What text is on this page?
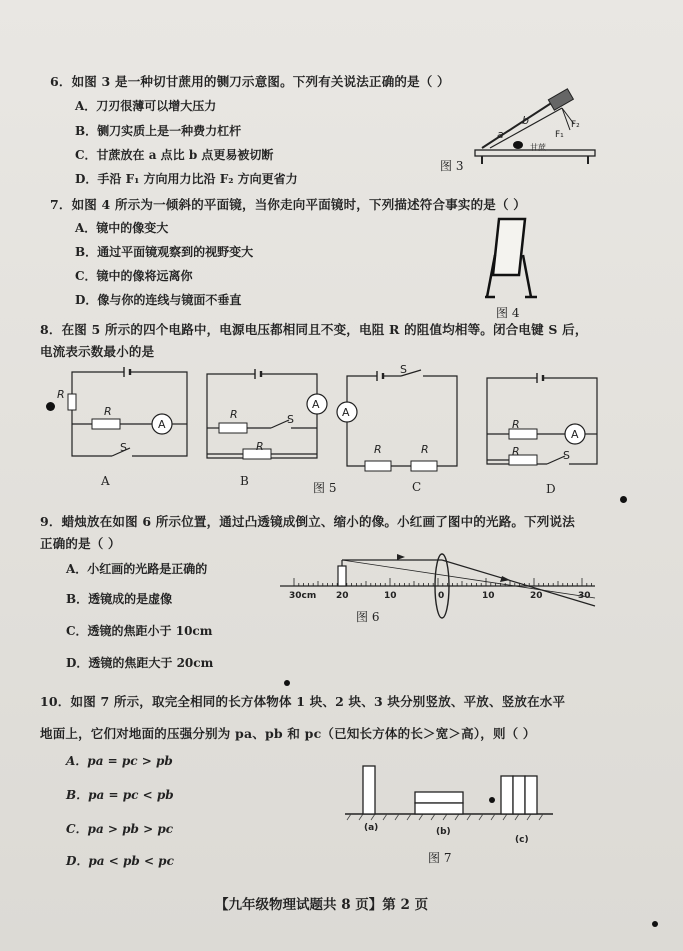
6．如图 3 是一种切甘蔗用的铡刀示意图。下列有关说法正确的是（ ）
A．刀刃很薄可以增大压力
B．铡刀实质上是一种费力杠杆
C．甘蔗放在 a 点比 b 点更易被切断
D．手沿 F₁ 方向用力比沿 F₂ 方向更省力
a
b
F₁
F₂
甘蔗
图 3
7．如图 4 所示为一倾斜的平面镜，当你走向平面镜时，下列描述符合事实的是（ ）
A．镜中的像变大
B．通过平面镜观察到的视野变大
C．镜中的像将远离你
D．像与你的连线与镜面不垂直
图 4
8．在图 5 所示的四个电路中，电源电压都相同且不变，电阻 R 的阻值均相等。闭合电键 S 后，
电流表示数最小的是
R
R
A
S
A
A
R	S
R
B	图 5
A
S
R	R
C
R
A
R	S
D
9．蜡烛放在如图 6 所示位置，通过凸透镜成倒立、缩小的像。小红画了图中的光路。下列说法
正确的是（ ）
A．小红画的光路是正确的
B．透镜成的是虚像
C．透镜的焦距小于 10cm
D．透镜的焦距大于 20cm
30cm 20	10	0	10	20	30
图 6
10．如图 7 所示，取完全相同的长方体物体 1 块、2 块、3 块分别竖放、平放、竖放在水平
地面上，它们对地面的压强分别为 pa、pb 和 pc（已知长方体的长＞宽＞高），则（ ）
A．pa = pc > pb
B．pa = pc < pb
C．pa > pb > pc
D．pa < pb < pc
(a)	(b)
(c)
图 7
【九年级物理试题共 8 页】第 2 页
